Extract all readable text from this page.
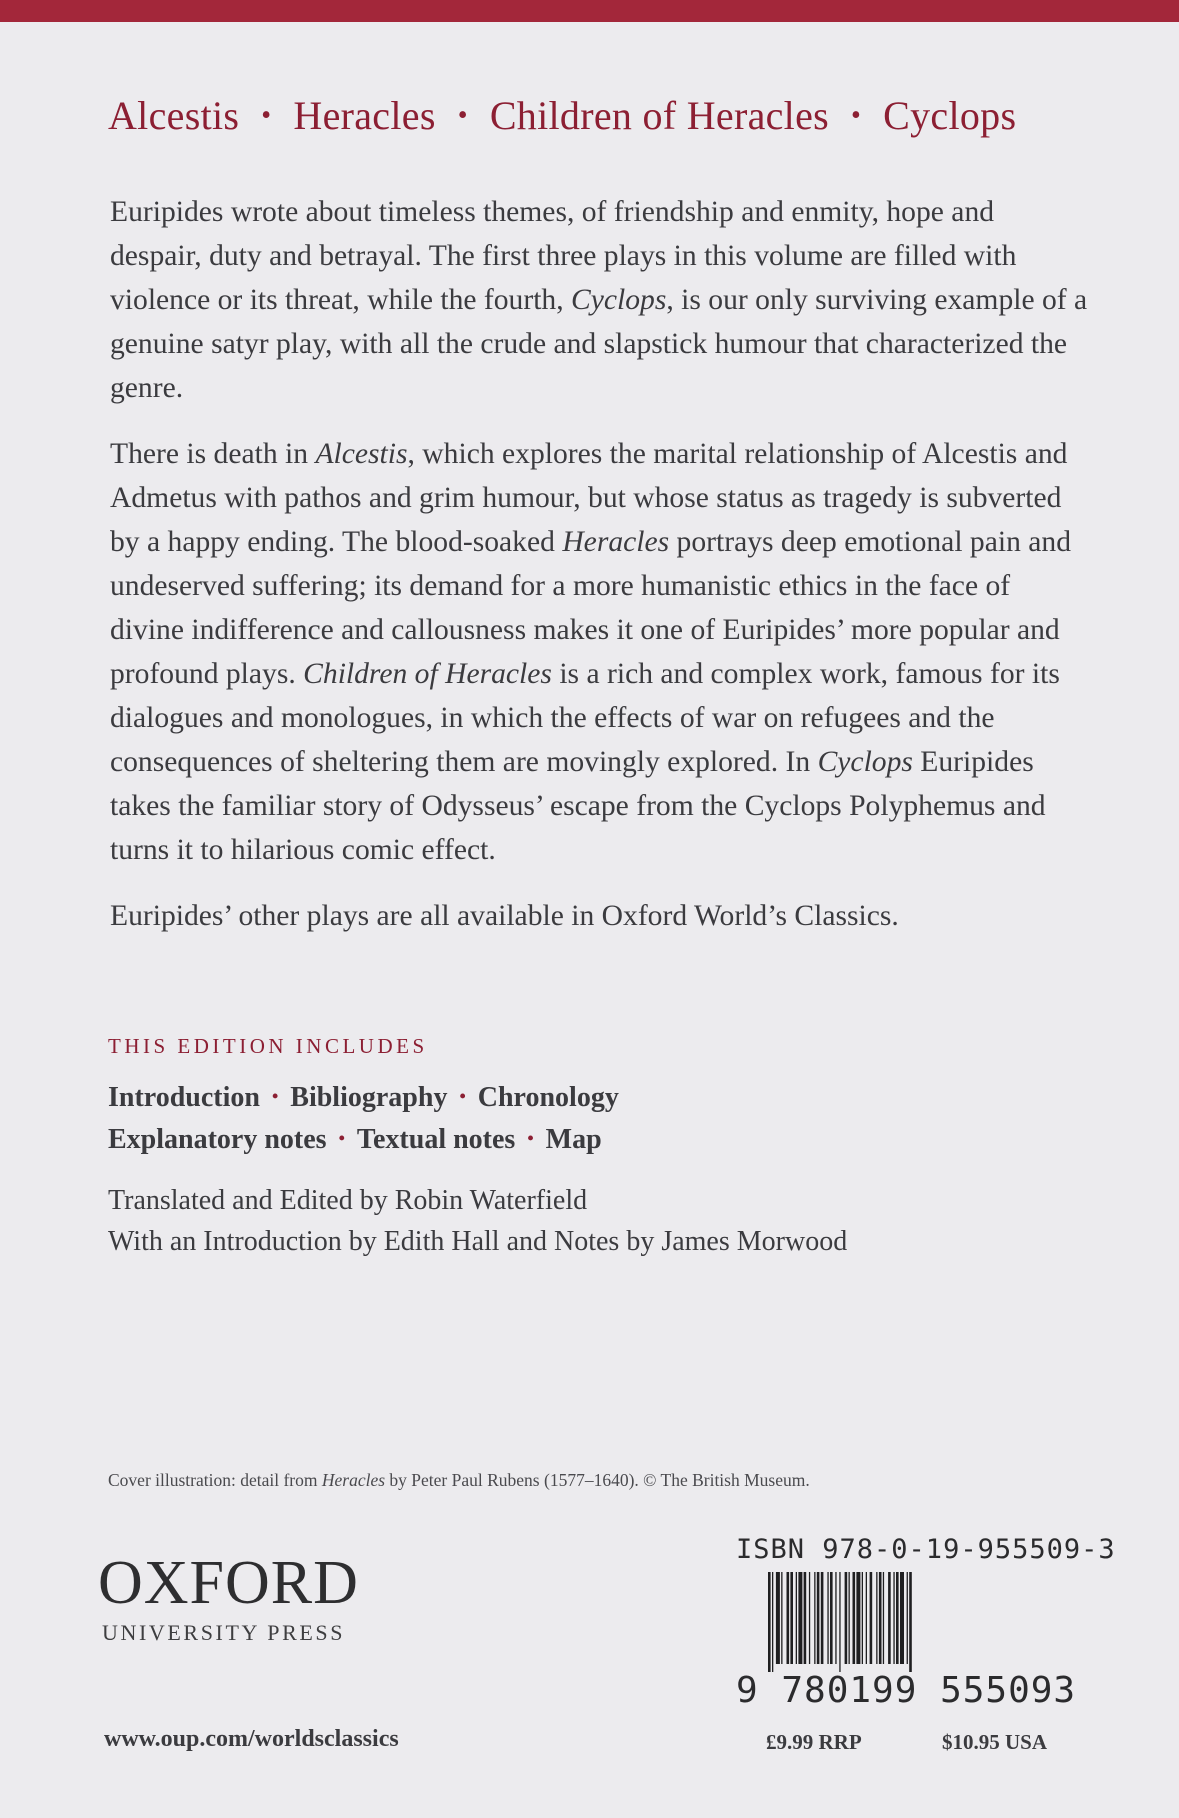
Alcestis • Heracles • Children of Heracles • Cyclops

Euripides wrote about timeless themes, of friendship and enmity, hope and despair, duty and betrayal. The first three plays in this volume are filled with violence or its threat, while the fourth, Cyclops, is our only surviving example of a genuine satyr play, with all the crude and slapstick humour that characterized the genre.

There is death in Alcestis, which explores the marital relationship of Alcestis and Admetus with pathos and grim humour, but whose status as tragedy is subverted by a happy ending. The blood-soaked Heracles portrays deep emotional pain and undeserved suffering; its demand for a more humanistic ethics in the face of divine indifference and callousness makes it one of Euripides’ more popular and profound plays. Children of Heracles is a rich and complex work, famous for its dialogues and monologues, in which the effects of war on refugees and the consequences of sheltering them are movingly explored. In Cyclops Euripides takes the familiar story of Odysseus’ escape from the Cyclops Polyphemus and turns it to hilarious comic effect.

Euripides’ other plays are all available in Oxford World’s Classics.

THIS EDITION INCLUDES
Introduction • Bibliography • Chronology
Explanatory notes • Textual notes • Map
Translated and Edited by Robin Waterfield
With an Introduction by Edith Hall and Notes by James Morwood
Cover illustration: detail from Heracles by Peter Paul Rubens (1577–1640). © The British Museum.
OXFORD
UNIVERSITY PRESS
www.oup.com/worldsclassics
ISBN 978-0-19-955509-3
9 780199 555093
£9.99 RRP	$10.95 USA
